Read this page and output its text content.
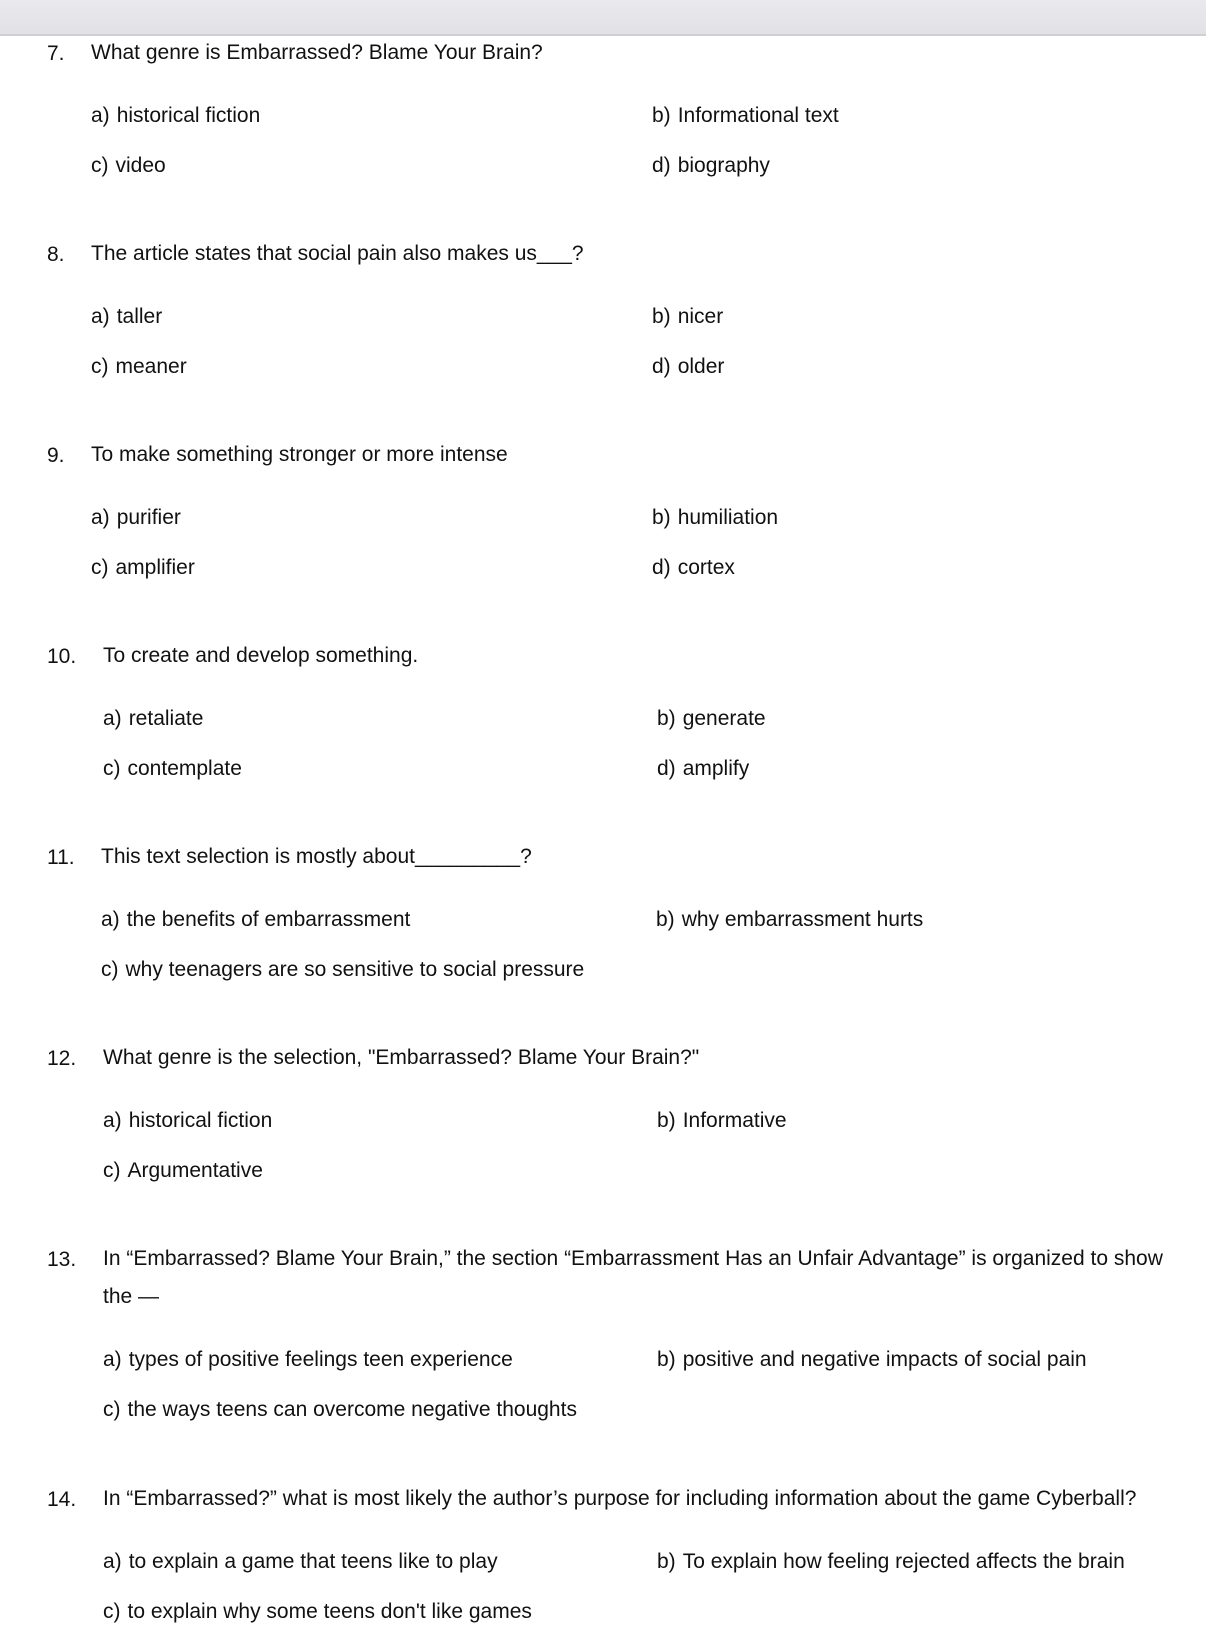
7. What genre is Embarrassed? Blame Your Brain?
a) historical fiction	b) Informational text
c) video	d) biography
8. The article states that social pain also makes us___?
a) taller	b) nicer
c) meaner	d) older
9. To make something stronger or more intense
a) purifier	b) humiliation
c) amplifier	d) cortex
10. To create and develop something.
a) retaliate	b) generate
c) contemplate	d) amplify
11. This text selection is mostly about_________?
a) the benefits of embarrassment	b) why embarrassment hurts
c) why teenagers are so sensitive to social pressure
12. What genre is the selection, "Embarrassed? Blame Your Brain?"
a) historical fiction	b) Informative
c) Argumentative
13. In “Embarrassed? Blame Your Brain,” the section “Embarrassment Has an Unfair Advantage” is organized to show the —
a) types of positive feelings teen experience	b) positive and negative impacts of social pain
c) the ways teens can overcome negative thoughts
14. In “Embarrassed?” what is most likely the author’s purpose for including information about the game Cyberball?
a) to explain a game that teens like to play	b) To explain how feeling rejected affects the brain
c) to explain why some teens don't like games
